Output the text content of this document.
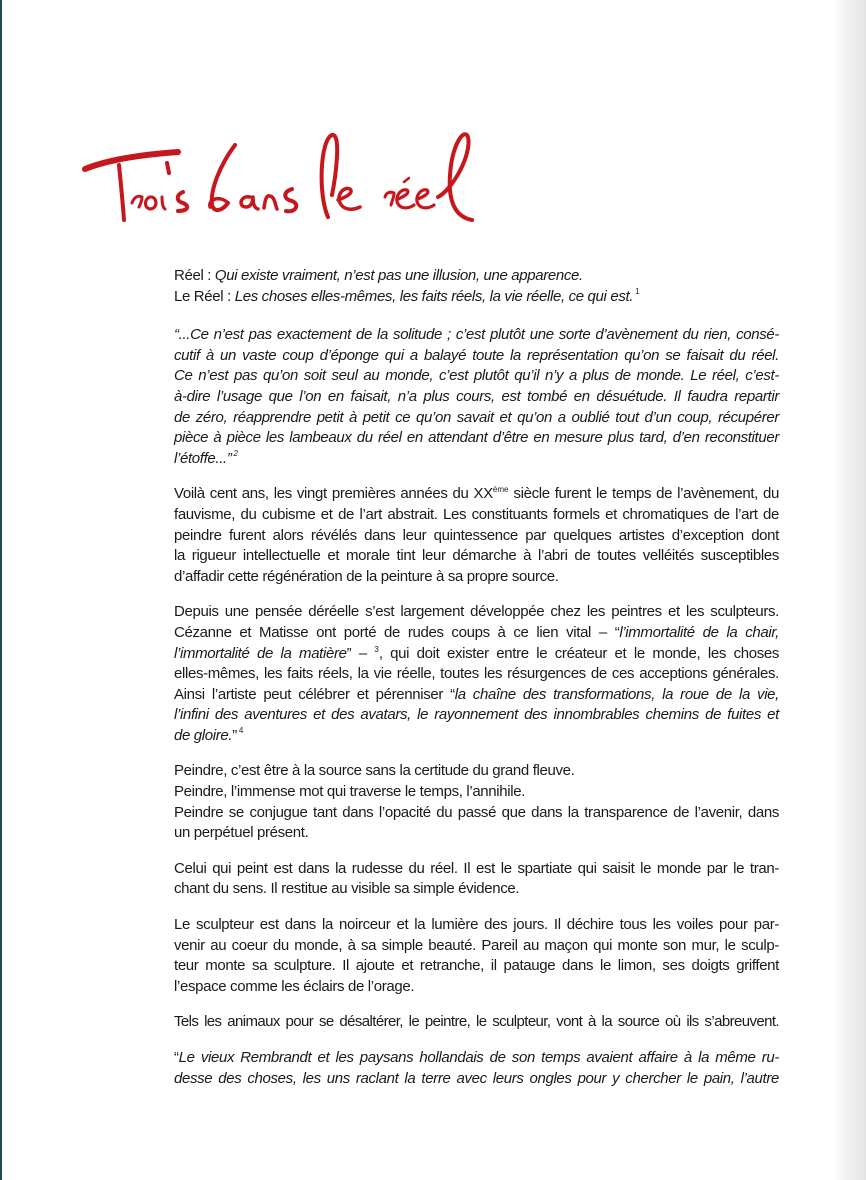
Réel : Qui existe vraiment, n’est pas une illusion, une apparence.
Le Réel : Les choses elles-mêmes, les faits réels, la vie réelle, ce qui est. $^1$
“...Ce n’est pas exactement de la solitude ; c’est plutôt une sorte d’avènement du rien, consé-
cutif à un vaste coup d’éponge qui a balayé toute la représentation qu’on se faisait du réel.
Ce n’est pas qu’on soit seul au monde, c’est plutôt qu’il n’y a plus de monde. Le réel, c’est-
à-dire l’usage que l’on en faisait, n’a plus cours, est tombé en désuétude. Il faudra repartir
de zéro, réapprendre petit à petit ce qu’on savait et qu’on a oublié tout d’un coup, récupérer
pièce à pièce les lambeaux du réel en attendant d’être en mesure plus tard, d’en reconstituer
l’étoffe...” $^2$
Voilà cent ans, les vingt premières années du XXème siècle furent le temps de l’avènement, du
fauvisme, du cubisme et de l’art abstrait. Les constituants formels et chromatiques de l’art de
peindre furent alors révélés dans leur quintessence par quelques artistes d’exception dont
la rigueur intellectuelle et morale tint leur démarche à l’abri de toutes velléités susceptibles
d’affadir cette régénération de la peinture à sa propre source.
Depuis une pensée déréelle s’est largement développée chez les peintres et les sculpteurs.
Cézanne et Matisse ont porté de rudes coups à ce lien vital – “l’immortalité de la chair,
l’immortalité de la matière” – $^3$, qui doit exister entre le créateur et le monde, les choses
elles-mêmes, les faits réels, la vie réelle, toutes les résurgences de ces acceptions générales.
Ainsi l’artiste peut célébrer et pérenniser “la chaîne des transformations, la roue de la vie,
l’infini des aventures et des avatars, le rayonnement des innombrables chemins de fuites et
de gloire.” $^4$
Peindre, c’est être à la source sans la certitude du grand fleuve.
Peindre, l’immense mot qui traverse le temps, l’annihile.
Peindre se conjugue tant dans l’opacité du passé que dans la transparence de l’avenir, dans
un perpétuel présent.
Celui qui peint est dans la rudesse du réel. Il est le spartiate qui saisit le monde par le tran-
chant du sens. Il restitue au visible sa simple évidence.
Le sculpteur est dans la noirceur et la lumière des jours. Il déchire tous les voiles pour par-
venir au coeur du monde, à sa simple beauté. Pareil au maçon qui monte son mur, le sculp-
teur monte sa sculpture. Il ajoute et retranche, il patauge dans le limon, ses doigts griffent
l’espace comme les éclairs de l’orage.
Tels les animaux pour se désaltérer, le peintre, le sculpteur, vont à la source où ils s’abreuvent.
“Le vieux Rembrandt et les paysans hollandais de son temps avaient affaire à la même ru-
desse des choses, les uns raclant la terre avec leurs ongles pour y chercher le pain, l’autre
